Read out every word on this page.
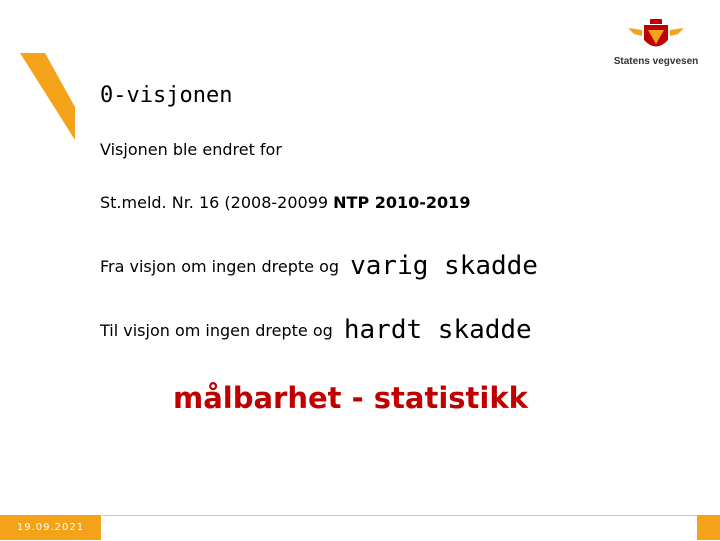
Statens vegvesen
0-visjonen
Visjonen ble endret for
St.meld. Nr. 16 (2008-20099 NTP 2010-2019
Fra visjon om ingen drepte og varig skadde
Til visjon om ingen drepte og hardt skadde
målbarhet - statistikk
19.09.2021
